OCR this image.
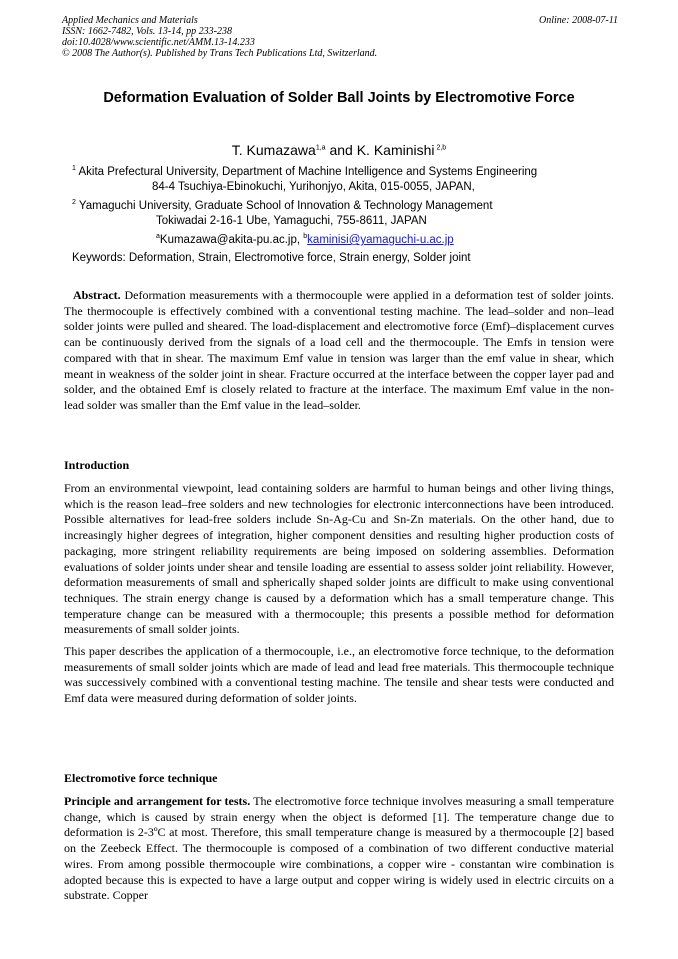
Applied Mechanics and Materials	Online: 2008-07-11
ISSN: 1662-7482, Vols. 13-14, pp 233-238
doi:10.4028/www.scientific.net/AMM.13-14.233
© 2008 The Author(s). Published by Trans Tech Publications Ltd, Switzerland.
Deformation Evaluation of Solder Ball Joints by Electromotive Force
T. Kumazawa$^{1,a}$ and K. Kaminishi $^{2,b}$
$^1$ Akita Prefectural University, Department of Machine Intelligence and Systems Engineering
84-4 Tsuchiya-Ebinokuchi, Yurihonjyo, Akita, 015-0055, JAPAN,
$^2$ Yamaguchi University, Graduate School of Innovation & Technology Management
Tokiwadai 2-16-1 Ube, Yamaguchi, 755-8611, JAPAN
$^a$Kumazawa@akita-pu.ac.jp, $^b$kaminisi@yamaguchi-u.ac.jp
Keywords: Deformation, Strain, Electromotive force, Strain energy, Solder joint

Abstract. Deformation measurements with a thermocouple were applied in a deformation test of solder joints. The thermocouple is effectively combined with a conventional testing machine. The lead–solder and non–lead solder joints were pulled and sheared. The load-displacement and electromotive force (Emf)–displacement curves can be continuously derived from the signals of a load cell and the thermocouple. The Emfs in tension were compared with that in shear. The maximum Emf value in tension was larger than the emf value in shear, which meant in weakness of the solder joint in shear. Fracture occurred at the interface between the copper layer pad and solder, and the obtained Emf is closely related to fracture at the interface. The maximum Emf value in the non-lead solder was smaller than the Emf value in the lead–solder.

Introduction

From an environmental viewpoint, lead containing solders are harmful to human beings and other living things, which is the reason lead–free solders and new technologies for electronic interconnections have been introduced. Possible alternatives for lead-free solders include Sn-Ag-Cu and Sn-Zn materials. On the other hand, due to increasingly higher degrees of integration, higher component densities and resulting higher production costs of packaging, more stringent reliability requirements are being imposed on soldering assemblies. Deformation evaluations of solder joints under shear and tensile loading are essential to assess solder joint reliability. However, deformation measurements of small and spherically shaped solder joints are difficult to make using conventional techniques. The strain energy change is caused by a deformation which has a small temperature change. This temperature change can be measured with a thermocouple; this presents a possible method for deformation measurements of small solder joints.

This paper describes the application of a thermocouple, i.e., an electromotive force technique, to the deformation measurements of small solder joints which are made of lead and lead free materials. This thermocouple technique was successively combined with a conventional testing machine. The tensile and shear tests were conducted and Emf data were measured during deformation of solder joints.

Electromotive force technique

Principle and arrangement for tests. The electromotive force technique involves measuring a small temperature change, which is caused by strain energy when the object is deformed [1]. The temperature change due to deformation is 2-3ºC at most. Therefore, this small temperature change is measured by a thermocouple [2] based on the Zeebeck Effect. The thermocouple is composed of a combination of two different conductive material wires. From among possible thermocouple wire combinations, a copper wire - constantan wire combination is adopted because this is expected to have a large output and copper wiring is widely used in electric circuits on a substrate. Copper
